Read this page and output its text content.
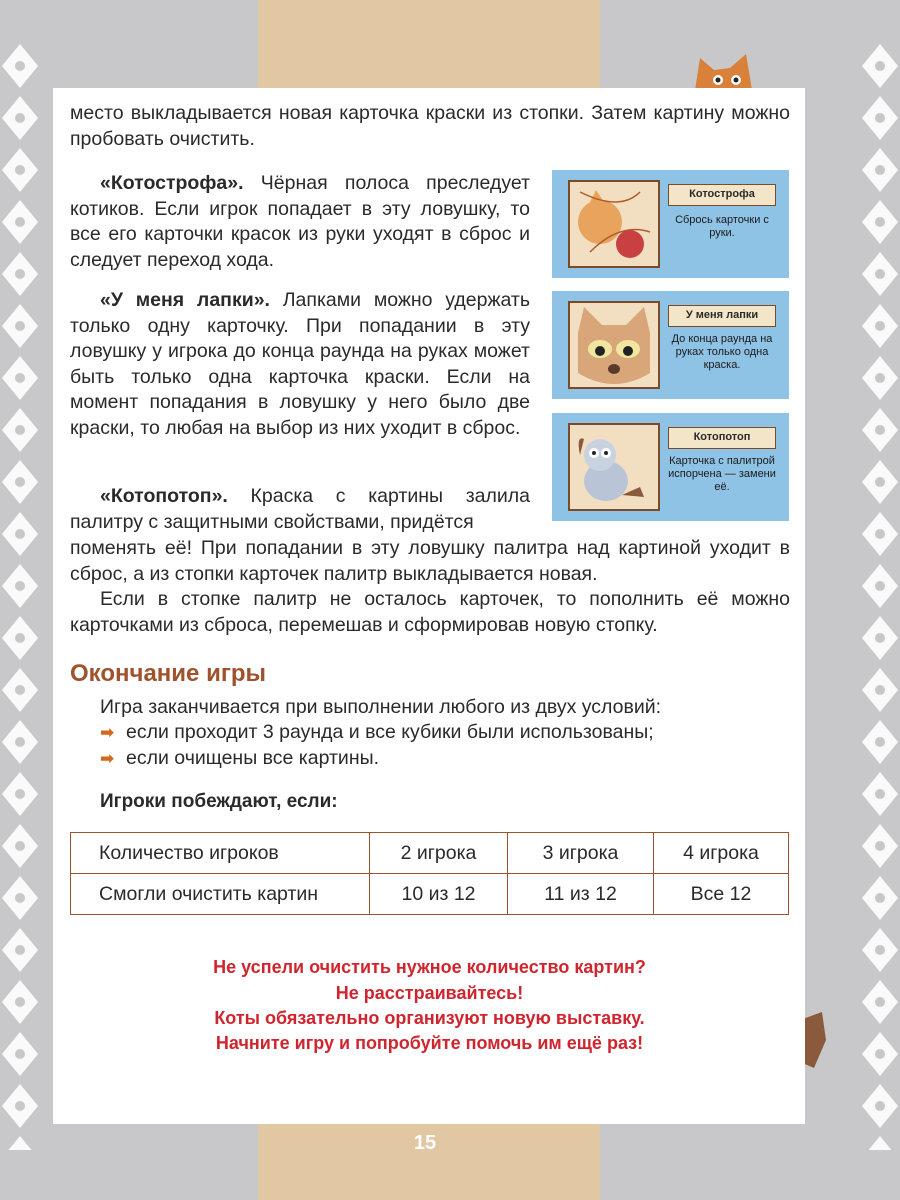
место выкладывается новая карточка краски из стопки. Затем картину можно пробовать очистить.
«Котострофа». Чёрная полоса преследует котиков. Если игрок попадает в эту ловушку, то все его карточки красок из руки уходят в сброс и следует переход хода.
«У меня лапки». Лапками можно удержать только одну карточку. При попадании в эту ловушку у игрока до конца раунда на руках может быть только одна карточка краски. Если на момент попадания в ловушку у него было две краски, то любая на выбор из них уходит в сброс.
«Котопотоп». Краска с картины залила палитру с защитными свойствами, придётся
поменять её! При попадании в эту ловушку палитра над картиной уходит в сброс, а из стопки карточек палитр выкладывается новая.
Если в стопке палитр не осталось карточек, то пополнить её можно карточками из сброса, перемешав и сформировав новую стопку.
Котострофа
Сбрось карточки с руки.
У меня лапки
До конца раунда на руках только одна краска.
Котопотоп
Карточка с палитрой испорчена — замени её.
Окончание игры
Игра заканчивается при выполнении любого из двух условий:
➡ если проходит 3 раунда и все кубики были использованы;
➡ если очищены все картины.
Игроки побеждают, если:
Количество игроков	2 игрока	3 игрока	4 игрока
Смогли очистить картин	10 из 12	11 из 12	Все 12
Не успели очистить нужное количество картин?
Не расстраивайтесь!
Коты обязательно организуют новую выставку.
Начните игру и попробуйте помочь им ещё раз!
15
